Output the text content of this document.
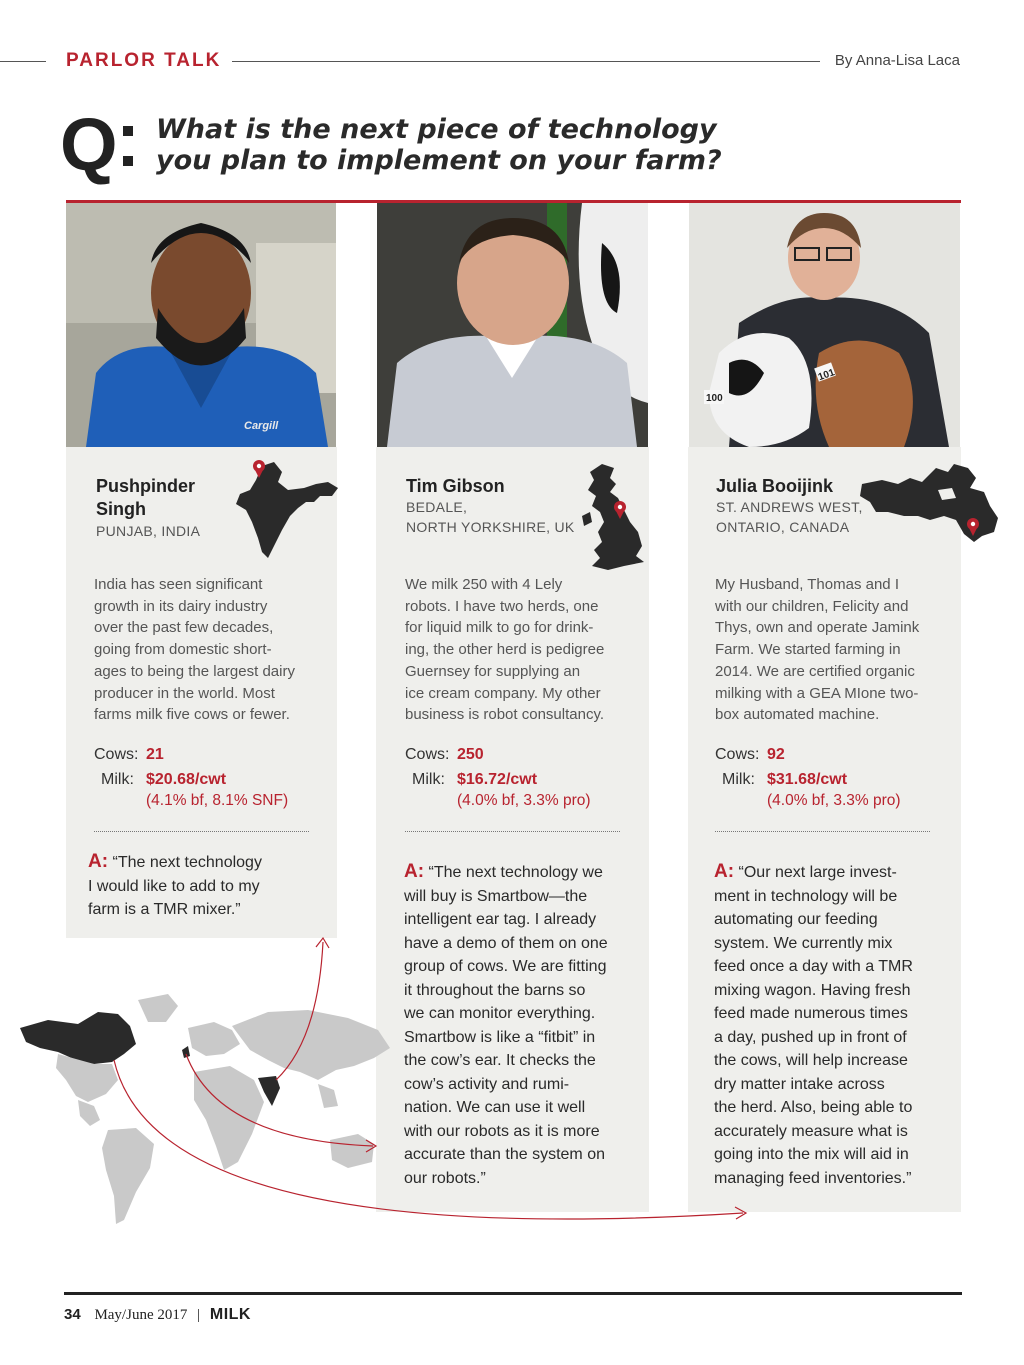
PARLOR TALK	By Anna-Lisa Laca
Q What is the next piece of technology you plan to implement on your farm?
Cargill
101
100
Pushpinder Singh
PUNJAB, INDIA
India has seen significant
growth in its dairy industry
over the past few decades,
going from domestic short-
ages to being the largest dairy
producer in the world. Most
farms milk five cows or fewer.
Cows: 21
Milk: $20.68/cwt
(4.1% bf, 8.1% SNF)
A: “The next technology
I would like to add to my
farm is a TMR mixer.”
Tim Gibson
BEDALE,
NORTH YORKSHIRE, UK
We milk 250 with 4 Lely
robots. I have two herds, one
for liquid milk to go for drink-
ing, the other herd is pedigree
Guernsey for supplying an
ice cream company. My other
business is robot consultancy.
Cows: 250
Milk: $16.72/cwt
(4.0% bf, 3.3% pro)
A: “The next technology we
will buy is Smartbow—the
intelligent ear tag. I already
have a demo of them on one
group of cows. We are fitting
it throughout the barns so
we can monitor everything.
Smartbow is like a “fitbit” in
the cow’s ear. It checks the
cow’s activity and rumi-
nation. We can use it well
with our robots as it is more
accurate than the system on
our robots.”
Julia Booijink
ST. ANDREWS WEST,
ONTARIO, CANADA
My Husband, Thomas and I
with our children, Felicity and
Thys, own and operate Jamink
Farm. We started farming in
2014. We are certified organic
milking with a GEA MIone two-
box automated machine.
Cows: 92
Milk: $31.68/cwt
(4.0% bf, 3.3% pro)
A: “Our next large invest-
ment in technology will be
automating our feeding
system. We currently mix
feed once a day with a TMR
mixing wagon. Having fresh
feed made numerous times
a day, pushed up in front of
the cows, will help increase
dry matter intake across
the herd. Also, being able to
accurately measure what is
going into the mix will aid in
managing feed inventories.”
34 May/June 2017 | MILK
